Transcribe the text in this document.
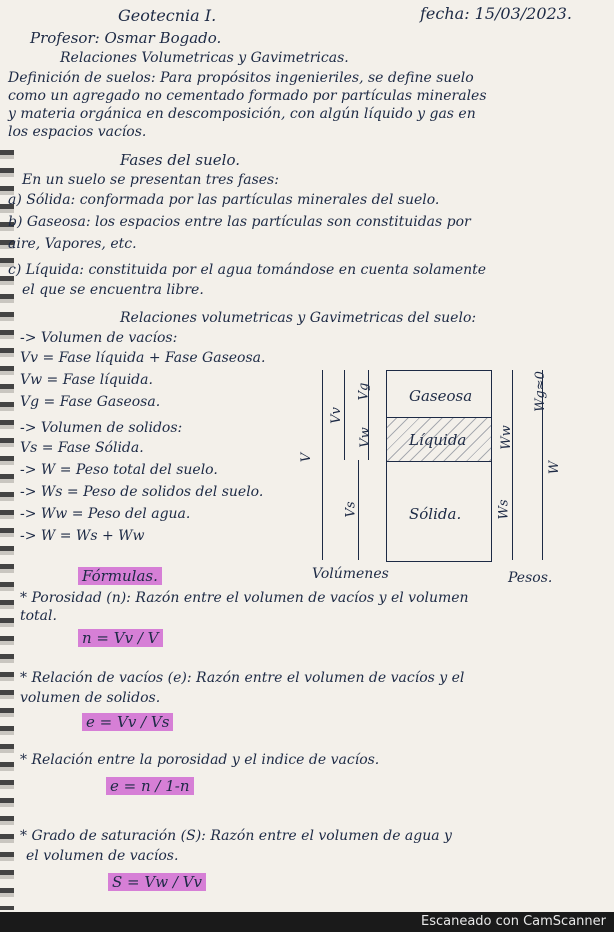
Geotecnia I.	fecha: 15/03/2023.
Profesor: Osmar Bogado.
Relaciones Volumetricas y Gavimetricas.
Definición de suelos: Para propósitos ingenieriles, se define suelo
como un agregado no cementado formado por partículas minerales
y materia orgánica en descomposición, con algún líquido y gas en
los espacios vacíos.
Fases del suelo.
En un suelo se presentan tres fases:
a) Sólida: conformada por las partículas minerales del suelo.
b) Gaseosa: los espacios entre las partículas son constituidas por
aire, Vapores, etc.
c) Líquida: constituida por el agua tomándose en cuenta solamente
el que se encuentra libre.
Relaciones volumetricas y Gavimetricas del suelo:
-> Volumen de vacíos:
Vv = Fase líquida + Fase Gaseosa.
Vw = Fase líquida.
Vg = Fase Gaseosa.
-> Volumen de solidos:
Vs = Fase Sólida.
-> W = Peso total del suelo.
-> Ws = Peso de solidos del suelo.
-> Ww = Peso del agua.
-> W = Ws + Ww
V
Vv
Vg
Vw
Vs
Gaseosa
Líquida
Sólida.
Wg≈0
Ww
Ws
W
Volúmenes	Pesos.
Fórmulas.
* Porosidad (n): Razón entre el volumen de vacíos y el volumen
total.
n = Vv / V
* Relación de vacíos (e): Razón entre el volumen de vacíos y el
volumen de solidos.
e = Vv / Vs
* Relación entre la porosidad y el indice de vacíos.
e = n / 1-n
* Grado de saturación (S): Razón entre el volumen de agua y
el volumen de vacíos.
S = Vw / Vv
Escaneado con CamScanner
